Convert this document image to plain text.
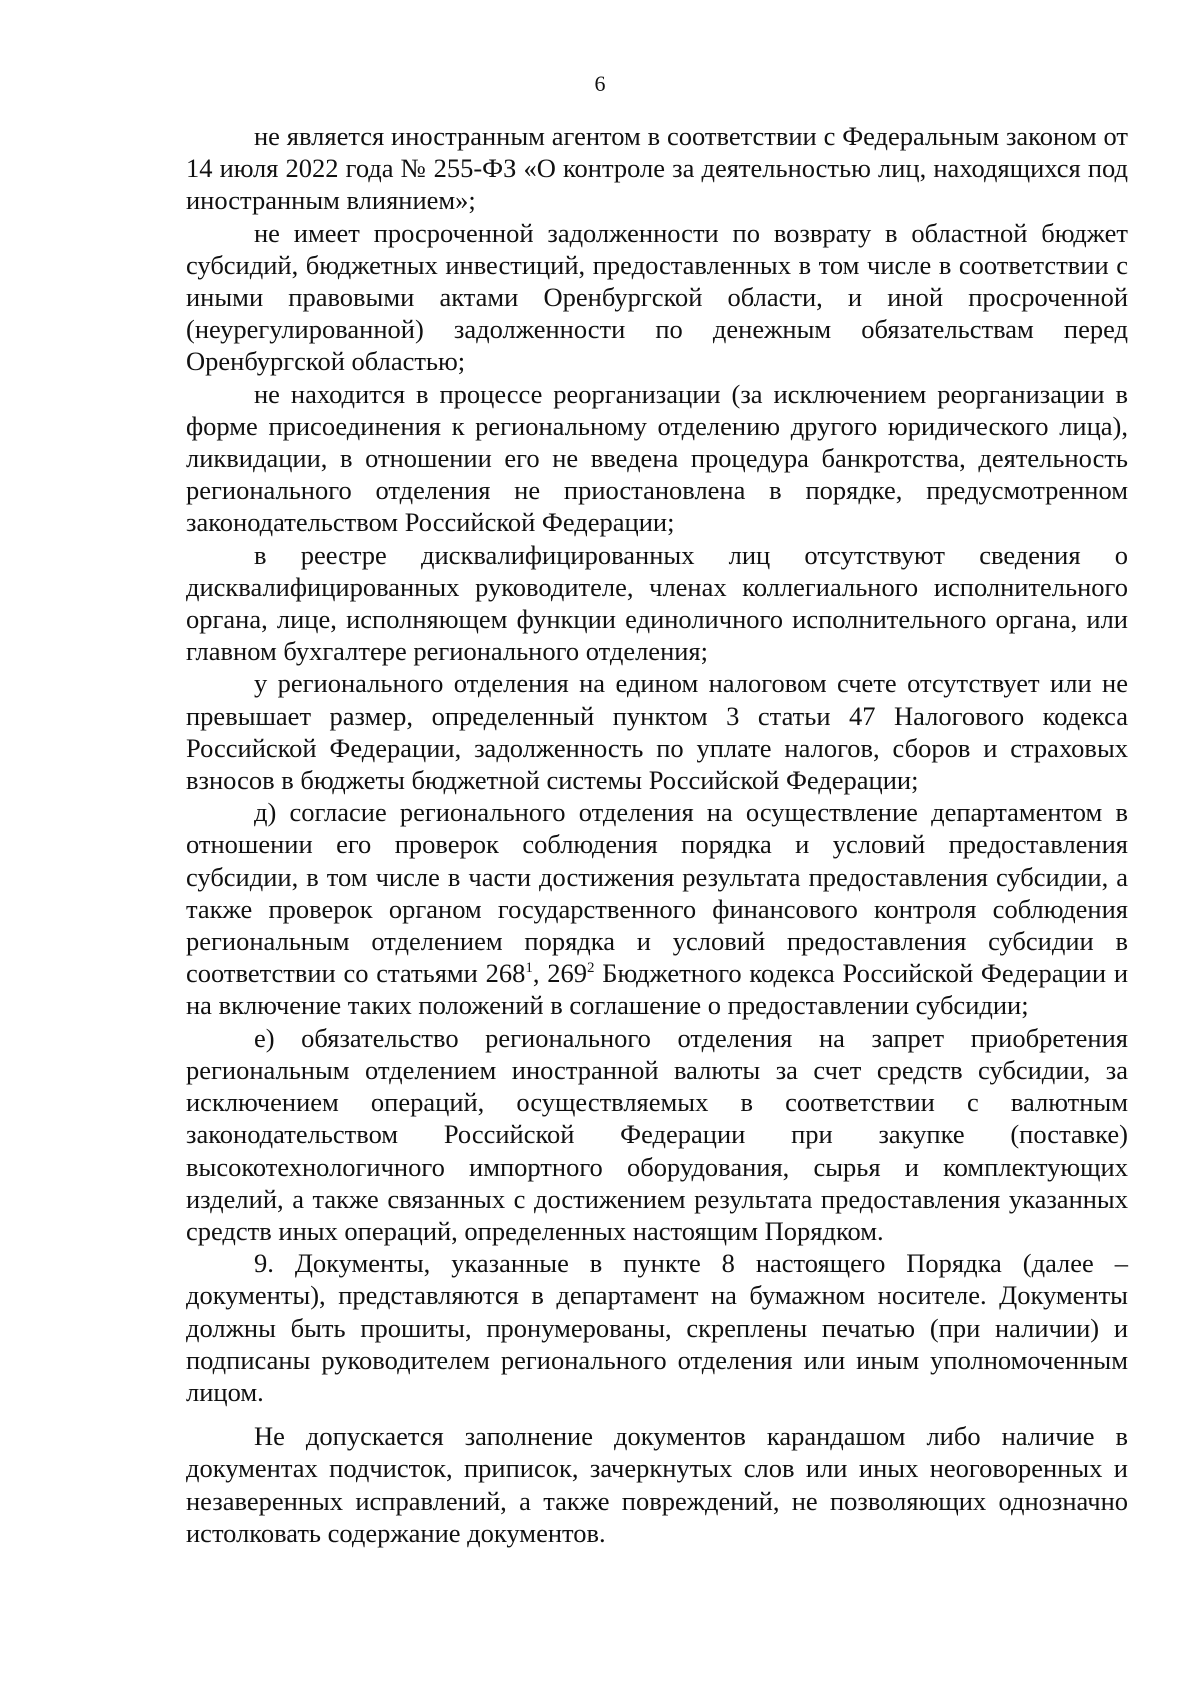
6

не является иностранным агентом в соответствии с Федеральным законом от 14 июля 2022 года № 255-ФЗ «О контроле за деятельностью лиц, находящихся под иностранным влиянием»;

не имеет просроченной задолженности по возврату в областной бюджет субсидий, бюджетных инвестиций, предоставленных в том числе в соответствии с иными правовыми актами Оренбургской области, и иной просроченной (неурегулированной) задолженности по денежным обязательствам перед Оренбургской областью;

не находится в процессе реорганизации (за исключением реорганизации в форме присоединения к региональному отделению другого юридического лица), ликвидации, в отношении его не введена процедура банкротства, деятельность регионального отделения не приостановлена в порядке, предусмотренном законодательством Российской Федерации;

в реестре дисквалифицированных лиц отсутствуют сведения о дисквалифицированных руководителе, членах коллегиального исполнительного органа, лице, исполняющем функции единоличного исполнительного органа, или главном бухгалтере регионального отделения;

у регионального отделения на едином налоговом счете отсутствует или не превышает размер, определенный пунктом 3 статьи 47 Налогового кодекса Российской Федерации, задолженность по уплате налогов, сборов и страховых взносов в бюджеты бюджетной системы Российской Федерации;

д) согласие регионального отделения на осуществление департаментом в отношении его проверок соблюдения порядка и условий предоставления субсидии, в том числе в части достижения результата предоставления субсидии, а также проверок органом государственного финансового контроля соблюдения региональным отделением порядка и условий предоставления субсидии в соответствии со статьями $268^1$, $269^2$ Бюджетного кодекса Российской Федерации и на включение таких положений в соглашение о предоставлении субсидии;

е) обязательство регионального отделения на запрет приобретения региональным отделением иностранной валюты за счет средств субсидии, за исключением операций, осуществляемых в соответствии с валютным законодательством Российской Федерации при закупке (поставке) высокотехнологичного импортного оборудования, сырья и комплектующих изделий, а также связанных с достижением результата предоставления указанных средств иных операций, определенных настоящим Порядком.

9. Документы, указанные в пункте 8 настоящего Порядка (далее – документы), представляются в департамент на бумажном носителе. Документы должны быть прошиты, пронумерованы, скреплены печатью (при наличии) и подписаны руководителем регионального отделения или иным уполномоченным лицом.

Не допускается заполнение документов карандашом либо наличие в документах подчисток, приписок, зачеркнутых слов или иных неоговоренных и незаверенных исправлений, а также повреждений, не позволяющих однозначно истолковать содержание документов.
